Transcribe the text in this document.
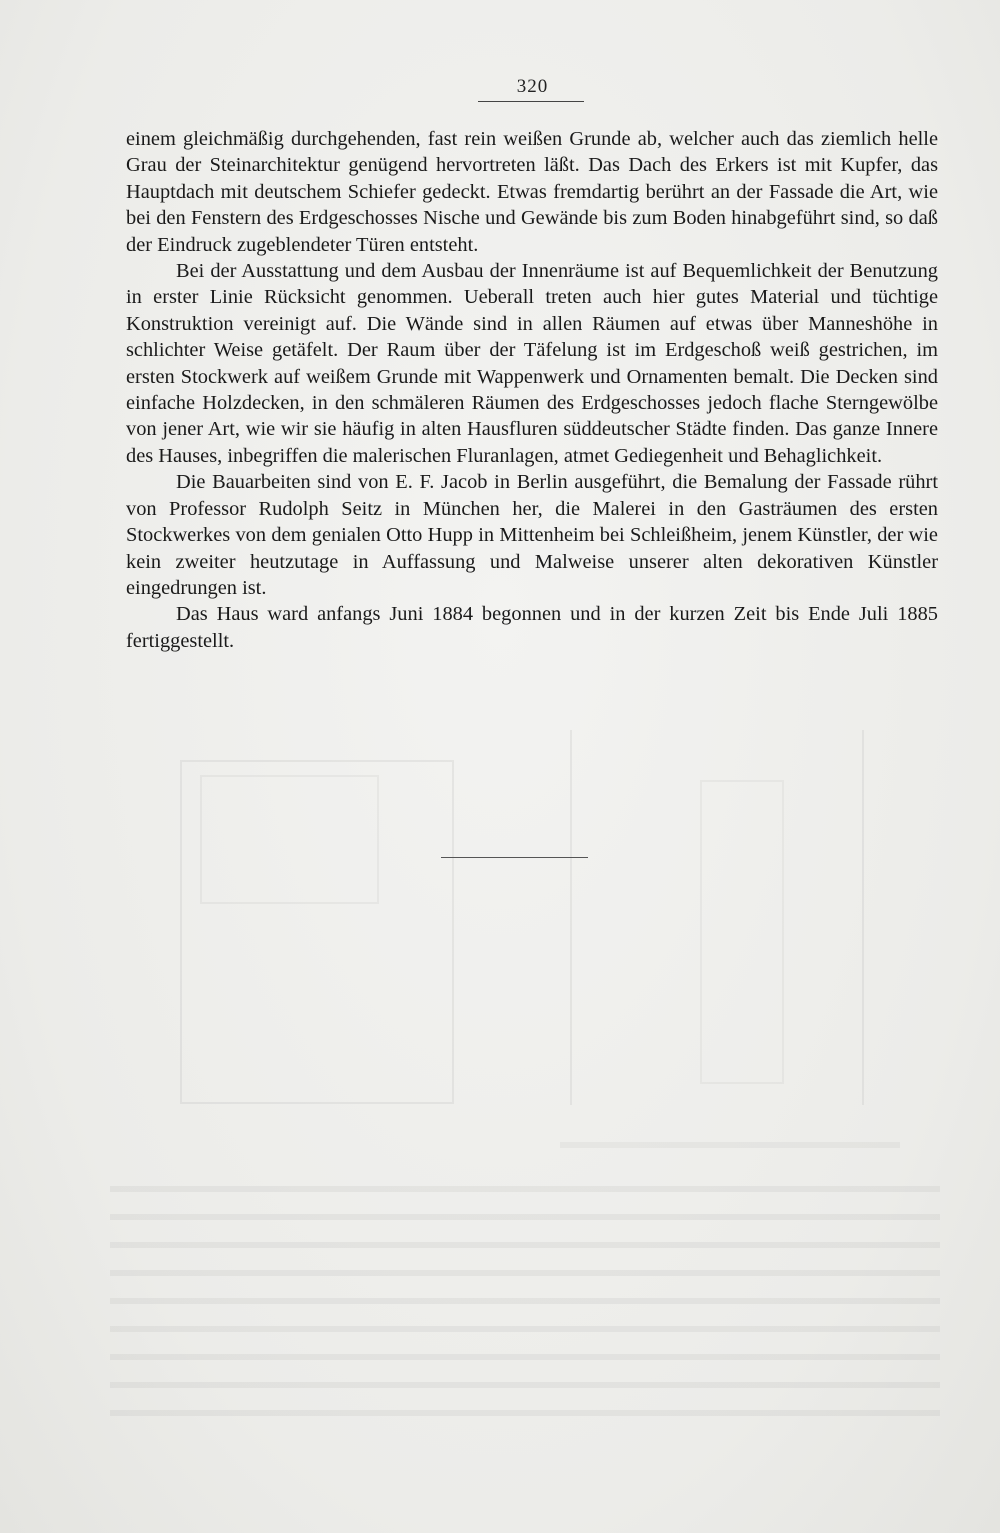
320

einem gleichmäßig durchgehenden, fast rein weißen Grunde ab, welcher auch das ziemlich helle Grau der Steinarchitektur genügend hervortreten läßt. Das Dach des Erkers ist mit Kupfer, das Hauptdach mit deutschem Schiefer gedeckt. Etwas fremdartig berührt an der Fassade die Art, wie bei den Fenstern des Erdgeschosses Nische und Gewände bis zum Boden hinabgeführt sind, so daß der Eindruck zugeblendeter Türen entsteht.

Bei der Ausstattung und dem Ausbau der Innenräume ist auf Bequemlichkeit der Benutzung in erster Linie Rücksicht genommen. Ueberall treten auch hier gutes Material und tüchtige Konstruktion vereinigt auf. Die Wände sind in allen Räumen auf etwas über Manneshöhe in schlichter Weise getäfelt. Der Raum über der Täfelung ist im Erdgeschoß weiß gestrichen, im ersten Stockwerk auf weißem Grunde mit Wappenwerk und Ornamenten bemalt. Die Decken sind einfache Holzdecken, in den schmäleren Räumen des Erdgeschosses jedoch flache Sterngewölbe von jener Art, wie wir sie häufig in alten Hausfluren süddeutscher Städte finden. Das ganze Innere des Hauses, inbegriffen die malerischen Fluranlagen, atmet Gediegenheit und Behaglichkeit.

Die Bauarbeiten sind von E. F. Jacob in Berlin ausgeführt, die Bemalung der Fassade rührt von Professor Rudolph Seitz in München her, die Malerei in den Gasträumen des ersten Stockwerkes von dem genialen Otto Hupp in Mittenheim bei Schleißheim, jenem Künstler, der wie kein zweiter heutzutage in Auffassung und Malweise unserer alten dekorativen Künstler eingedrungen ist.

Das Haus ward anfangs Juni 1884 begonnen und in der kurzen Zeit bis Ende Juli 1885 fertiggestellt.
